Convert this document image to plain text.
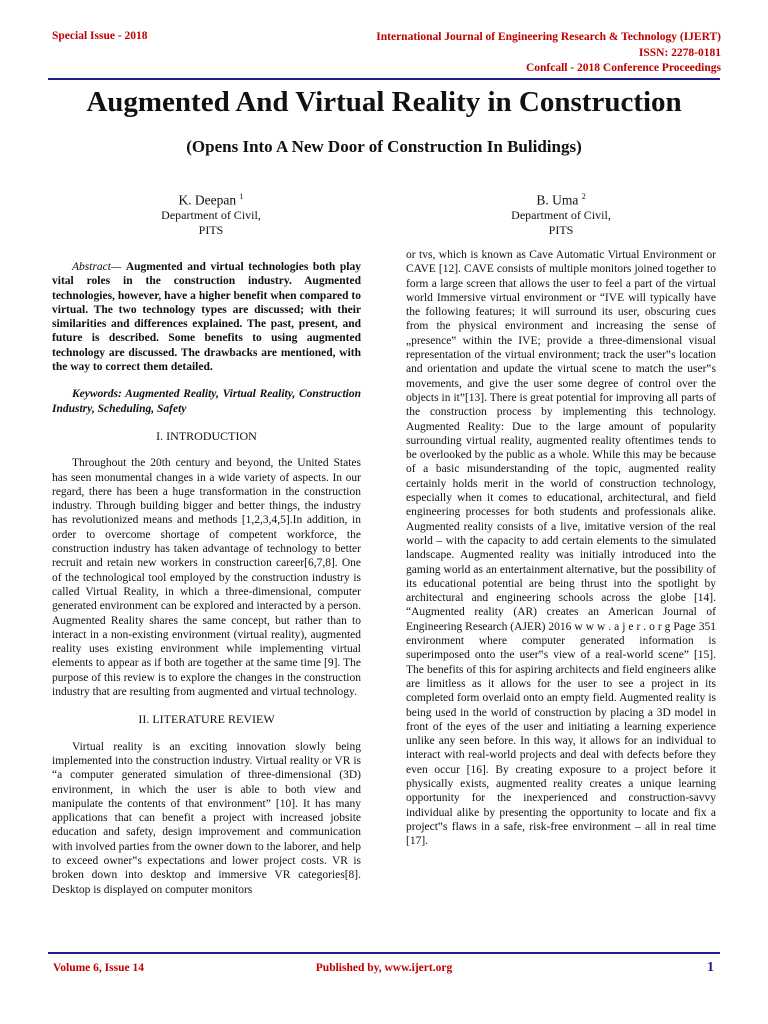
Special Issue - 2018	International Journal of Engineering Research & Technology (IJERT)
ISSN: 2278-0181
Confcall - 2018 Conference Proceedings
Augmented And Virtual Reality in Construction
(Opens Into A New Door of Construction In Bulidings)
K. Deepan $^1$
Department of Civil,
PITS
B. Uma $^2$
Department of Civil,
PITS

Abstract— Augmented and virtual technologies both play vital roles in the construction industry. Augmented technologies, however, have a higher benefit when compared to virtual. The two technology types are discussed; with their similarities and differences explained. The past, present, and future is described. Some benefits to using augmented technology are discussed. The drawbacks are mentioned, with the way to correct them detailed.

Keywords: Augmented Reality, Virtual Reality, Construction Industry, Scheduling, Safety

I. INTRODUCTION

Throughout the 20th century and beyond, the United States has seen monumental changes in a wide variety of aspects. In our regard, there has been a huge transformation in the construction industry. Through building bigger and better things, the industry has revolutionized means and methods [1,2,3,4,5].In addition, in order to overcome shortage of competent workforce, the construction industry has taken advantage of technology to better recruit and retain new workers in construction career[6,7,8]. One of the technological tool employed by the construction industry is called Virtual Reality, in which a three-dimensional, computer generated environment can be explored and interacted by a person. Augmented Reality shares the same concept, but rather than to interact in a non-existing environment (virtual reality), augmented reality uses existing environment while implementing virtual elements to appear as if both are together at the same time [9]. The purpose of this review is to explore the changes in the construction industry that are resulting from augmented and virtual technology.

II. LITERATURE REVIEW

Virtual reality is an exciting innovation slowly being implemented into the construction industry. Virtual reality or VR is “a computer generated simulation of three-dimensional (3D) environment, in which the user is able to both view and manipulate the contents of that environment” [10]. It has many applications that can benefit a project with increased jobsite education and safety, design improvement and communication with involved parties from the owner down to the laborer, and help to exceed owner‟s expectations and lower project costs. VR is broken down into desktop and immersive VR categories[8]. Desktop is displayed on computer monitors

or tvs, which is known as Cave Automatic Virtual Environment or CAVE [12]. CAVE consists of multiple monitors joined together to form a large screen that allows the user to feel a part of the virtual world Immersive virtual environment or “IVE will typically have the following features; it will surround its user, obscuring cues from the physical environment and increasing the sense of „presence‟ within the IVE; provide a three-dimensional visual representation of the virtual environment; track the user‟s location and orientation and update the virtual scene to match the user‟s movements, and give the user some degree of control over the objects in it”[13]. There is great potential for improving all parts of the construction process by implementing this technology. Augmented Reality: Due to the large amount of popularity surrounding virtual reality, augmented reality oftentimes tends to be overlooked by the public as a whole. While this may be because of a basic misunderstanding of the topic, augmented reality certainly holds merit in the world of construction technology, especially when it comes to educational, architectural, and field engineering processes for both students and professionals alike. Augmented reality consists of a live, imitative version of the real world – with the capacity to add certain elements to the simulated landscape. Augmented reality was initially introduced into the gaming world as an entertainment alternative, but the possibility of its educational potential are being thrust into the spotlight by architectural and engineering schools across the globe [14]. “Augmented reality (AR) creates an American Journal of Engineering Research (AJER) 2016 w w w . a j e r . o r g Page 351 environment where computer generated information is superimposed onto the user‟s view of a real-world scene” [15]. The benefits of this for aspiring architects and field engineers alike are limitless as it allows for the user to see a project in its completed form overlaid onto an empty field. Augmented reality is being used in the world of construction by placing a 3D model in front of the eyes of the user and initiating a learning experience unlike any seen before. In this way, it allows for an individual to interact with real-world projects and deal with defects before they even occur [16]. By creating exposure to a project before it physically exists, augmented reality creates a unique learning opportunity for the inexperienced and construction-savvy individual alike by presenting the opportunity to locate and fix a project‟s flaws in a safe, risk-free environment – all in real time [17].

Volume 6, Issue 14	Published by, www.ijert.org	1
